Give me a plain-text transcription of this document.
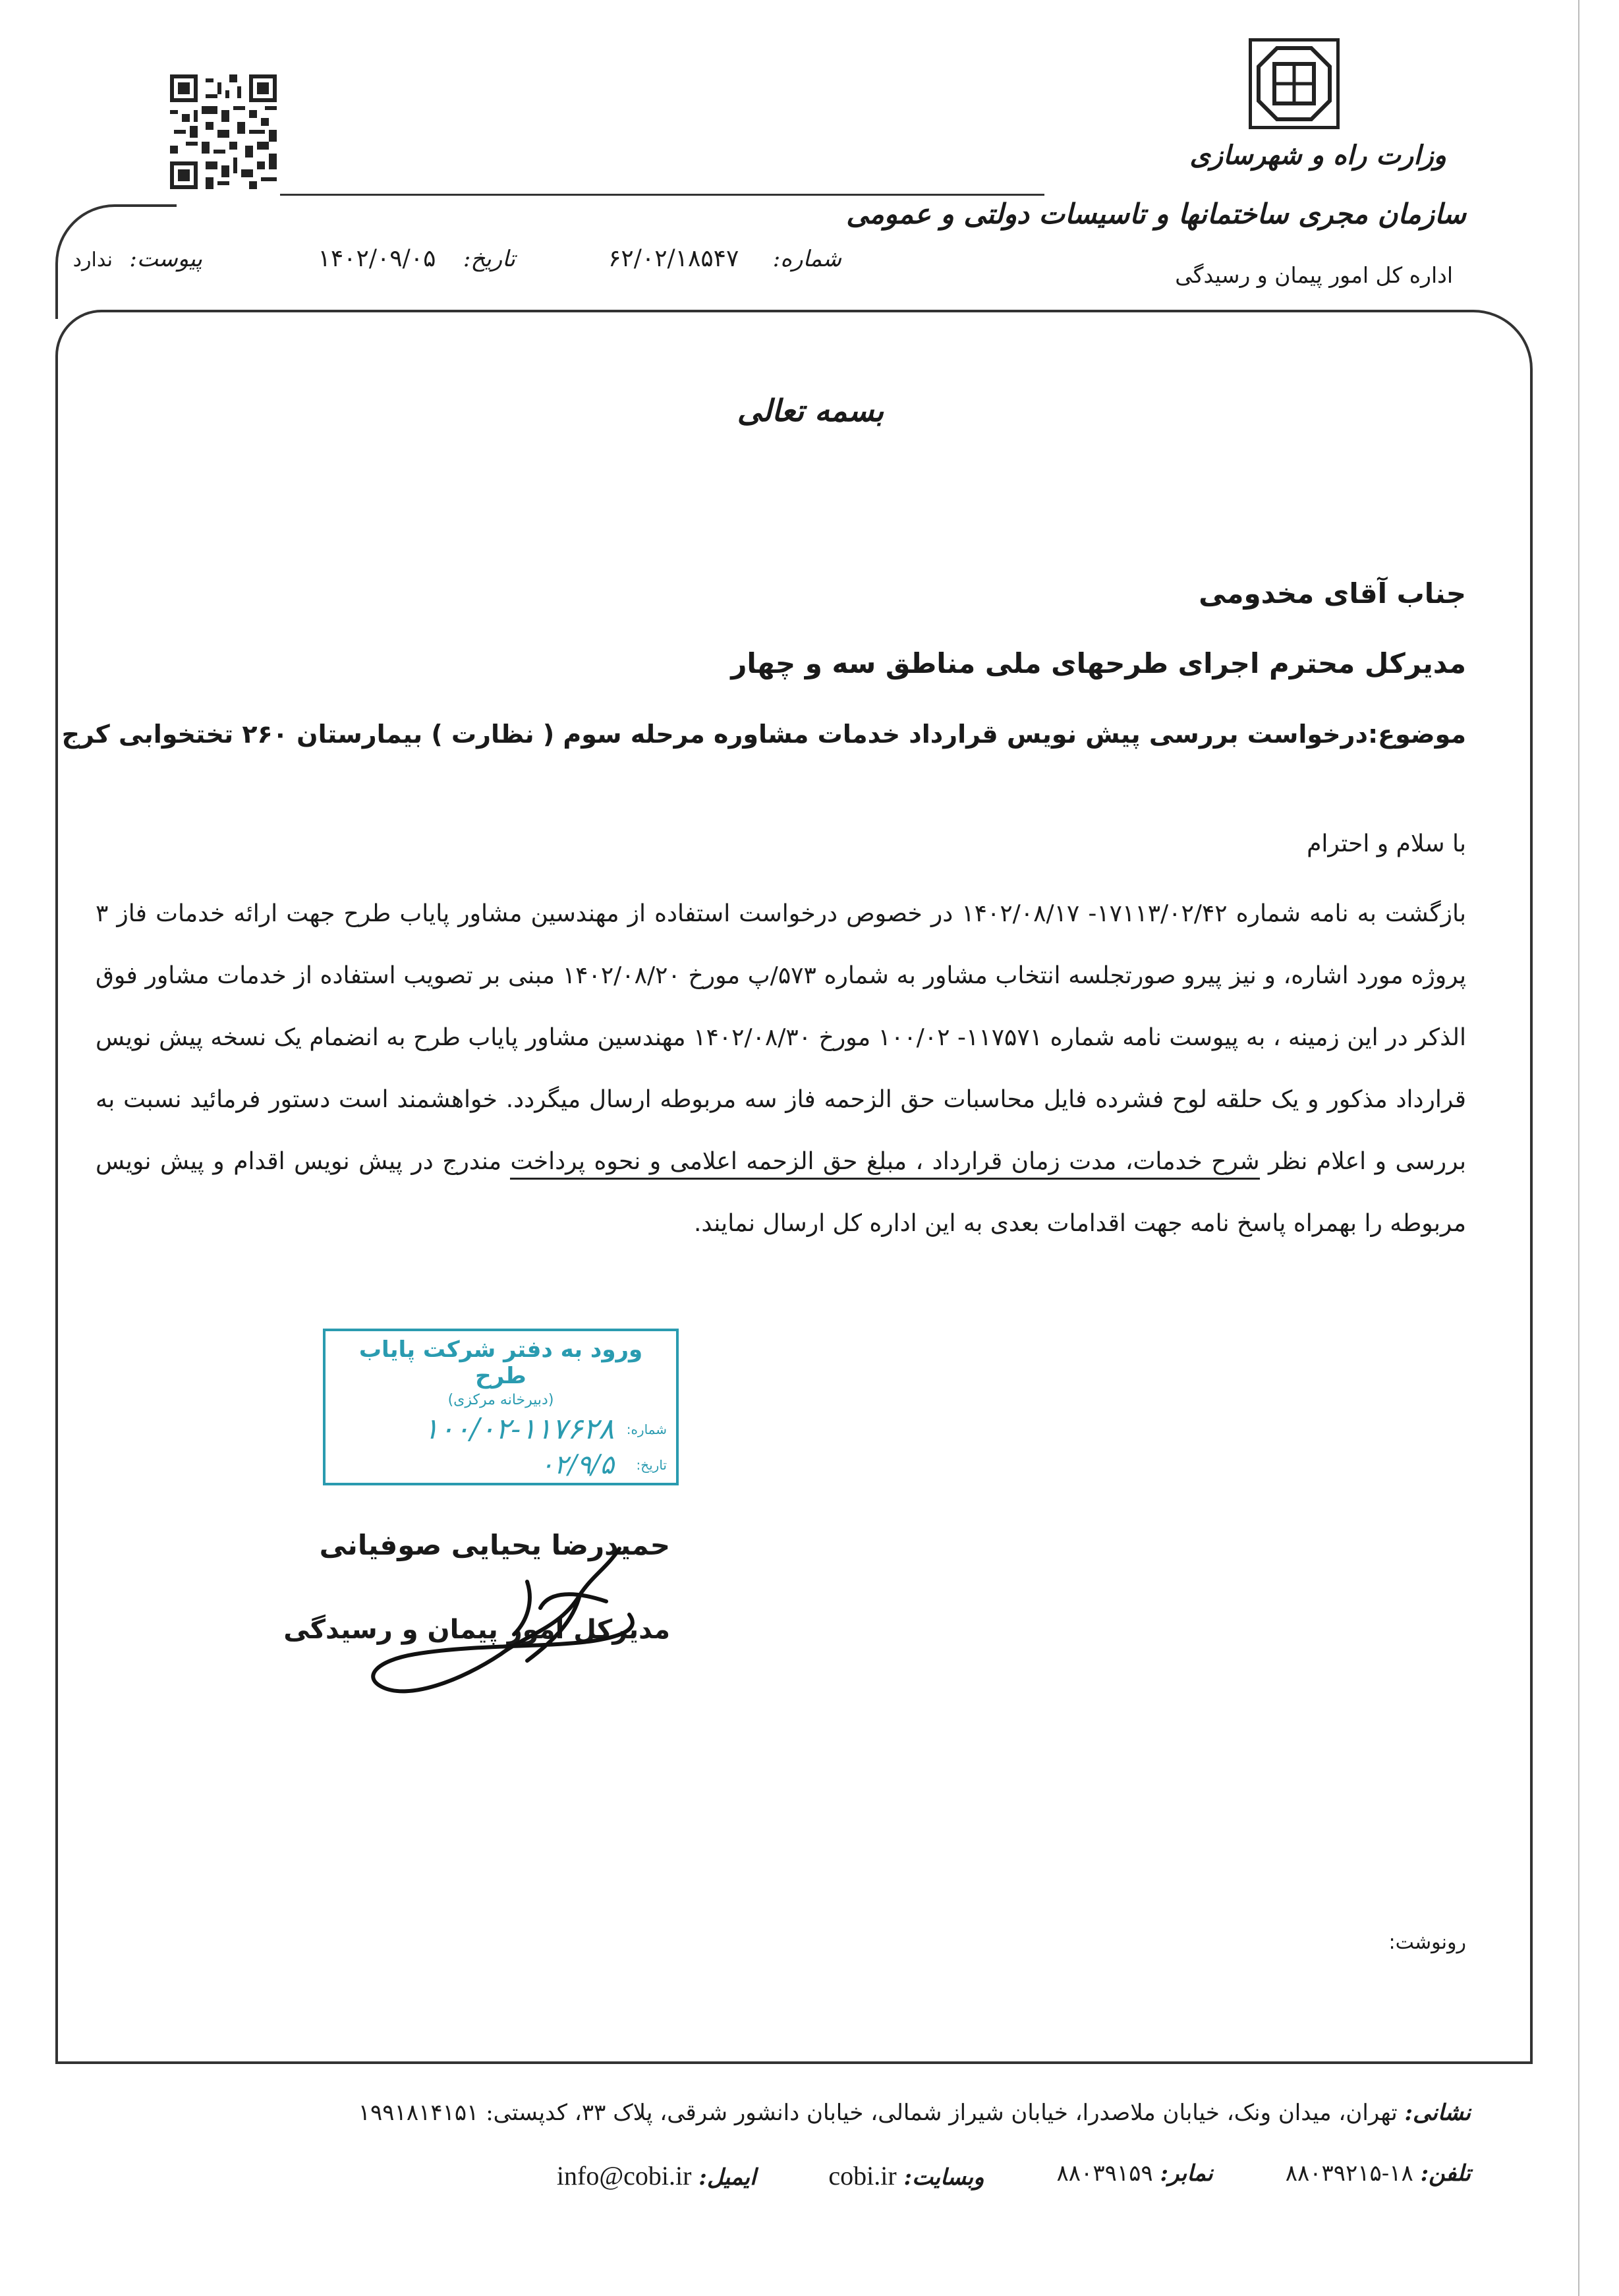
وزارت راه و شهرسازی
سازمان مجری ساختمانها و تاسیسات دولتی و عمومی
اداره کل امور پیمان و رسیدگی
شماره: ۶۲/۰۲/۱۸۵۴۷
تاریخ: ۱۴۰۲/۰۹/۰۵
پیوست: ندارد
بسمه تعالی
جناب آقای مخدومی
مدیرکل محترم اجرای طرحهای ملی مناطق سه و چهار
موضوع:درخواست بررسی پیش نویس قرارداد خدمات مشاوره مرحله سوم ( نظارت ) بیمارستان ۲۶۰ تختخوابی کرج
با سلام و احترام
بازگشت به نامه شماره ۱۷۱۱۳/۰۲/۴۲- ۱۴۰۲/۰۸/۱۷ در خصوص درخواست استفاده از مهندسین مشاور پایاب طرح جهت ارائه خدمات فاز ۳ پروژه مورد اشاره، و نیز پیرو صورتجلسه انتخاب مشاور به شماره ۵۷۳/پ مورخ ۱۴۰۲/۰۸/۲۰ مبنی بر تصویب استفاده از خدمات مشاور فوق الذکر در این زمینه ، به پیوست نامه شماره ۱۱۷۵۷۱- ۱۰۰/۰۲ مورخ ۱۴۰۲/۰۸/۳۰ مهندسین مشاور پایاب طرح به انضمام یک نسخه پیش نویس قرارداد مذکور و یک حلقه لوح فشرده فایل محاسبات حق الزحمه فاز سه مربوطه ارسال میگردد. خواهشمند است دستور فرمائید نسبت به بررسی و اعلام نظر شرح خدمات، مدت زمان قرارداد ، مبلغ حق الزحمه اعلامی و نحوه پرداخت مندرج در پیش نویس اقدام و پیش نویس مربوطه را بهمراه پاسخ نامه جهت اقدامات بعدی به این اداره کل ارسال نمایند.
ورود به دفتر شرکت پایاب طرح
(دبیرخانه مرکزی)
شماره:
۱۰۰/۰۲-۱۱۷۶۲۸
تاریخ:
۰۲/۹/۵
حمیدرضا یحیایی صوفیانی
مدیرکل امور پیمان و رسیدگی
رونوشت:
نشانی: تهران، میدان ونک، خیابان ملاصدرا، خیابان شیراز شمالی، خیابان دانشور شرقی، پلاک ۳۳، کدپستی: ۱۹۹۱۸۱۴۱۵۱
تلفن: ۱۸-۸۸۰۳۹۲۱۵
نمابر: ۸۸۰۳۹۱۵۹
وبسایت: cobi.ir
ایمیل: info@cobi.ir
